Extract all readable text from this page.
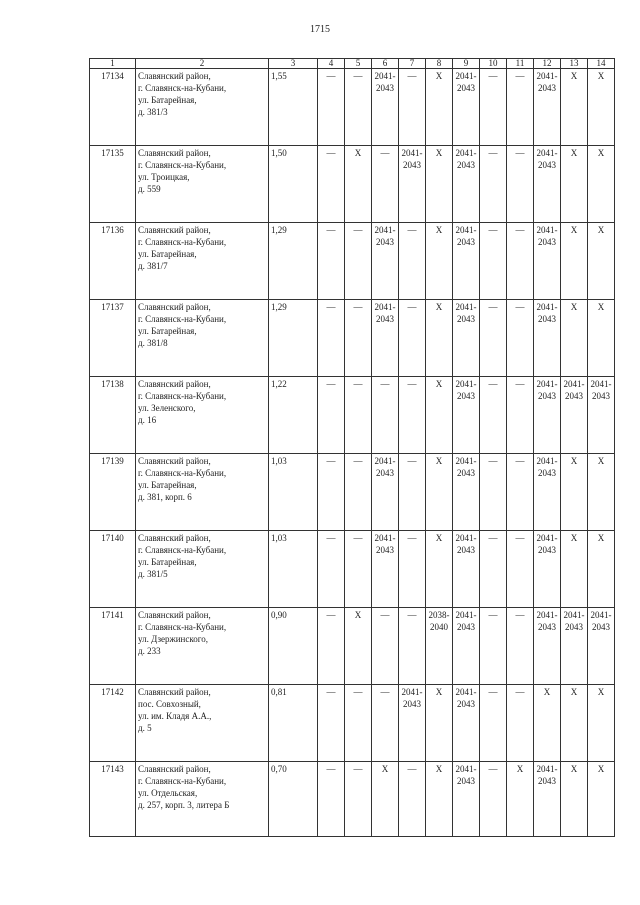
1715
1	2	3	4	5	6	7	8	9	10	11	12	13	14
17134	Славянский район,
г. Славянск-на-Кубани,
ул. Батарейная,
д. 381/3	1,55	—	—	2041-2043	—	X	2041-2043	—	—	2041-2043	X	X
17135	Славянский район,
г. Славянск-на-Кубани,
ул. Троицкая,
д. 559	1,50	—	X	—	2041-2043	X	2041-2043	—	—	2041-2043	X	X
17136	Славянский район,
г. Славянск-на-Кубани,
ул. Батарейная,
д. 381/7	1,29	—	—	2041-2043	—	X	2041-2043	—	—	2041-2043	X	X
17137	Славянский район,
г. Славянск-на-Кубани,
ул. Батарейная,
д. 381/8	1,29	—	—	2041-2043	—	X	2041-2043	—	—	2041-2043	X	X
17138	Славянский район,
г. Славянск-на-Кубани,
ул. Зеленского,
д. 16	1,22	—	—	—	—	X	2041-2043	—	—	2041-2043	2041-2043	2041-2043
17139	Славянский район,
г. Славянск-на-Кубани,
ул. Батарейная,
д. 381, корп. 6	1,03	—	—	2041-2043	—	X	2041-2043	—	—	2041-2043	X	X
17140	Славянский район,
г. Славянск-на-Кубани,
ул. Батарейная,
д. 381/5	1,03	—	—	2041-2043	—	X	2041-2043	—	—	2041-2043	X	X
17141	Славянский район,
г. Славянск-на-Кубани,
ул. Дзержинского,
д. 233	0,90	—	X	—	—	2038-2040	2041-2043	—	—	2041-2043	2041-2043	2041-2043
17142	Славянский район,
пос. Совхозный,
ул. им. Кладя А.А.,
д. 5	0,81	—	—	—	2041-2043	X	2041-2043	—	—	X	X	X
17143	Славянский район,
г. Славянск-на-Кубани,
ул. Отдельская,
д. 257, корп. 3, литера Б	0,70	—	—	X	—	X	2041-2043	—	X	2041-2043	X	X
